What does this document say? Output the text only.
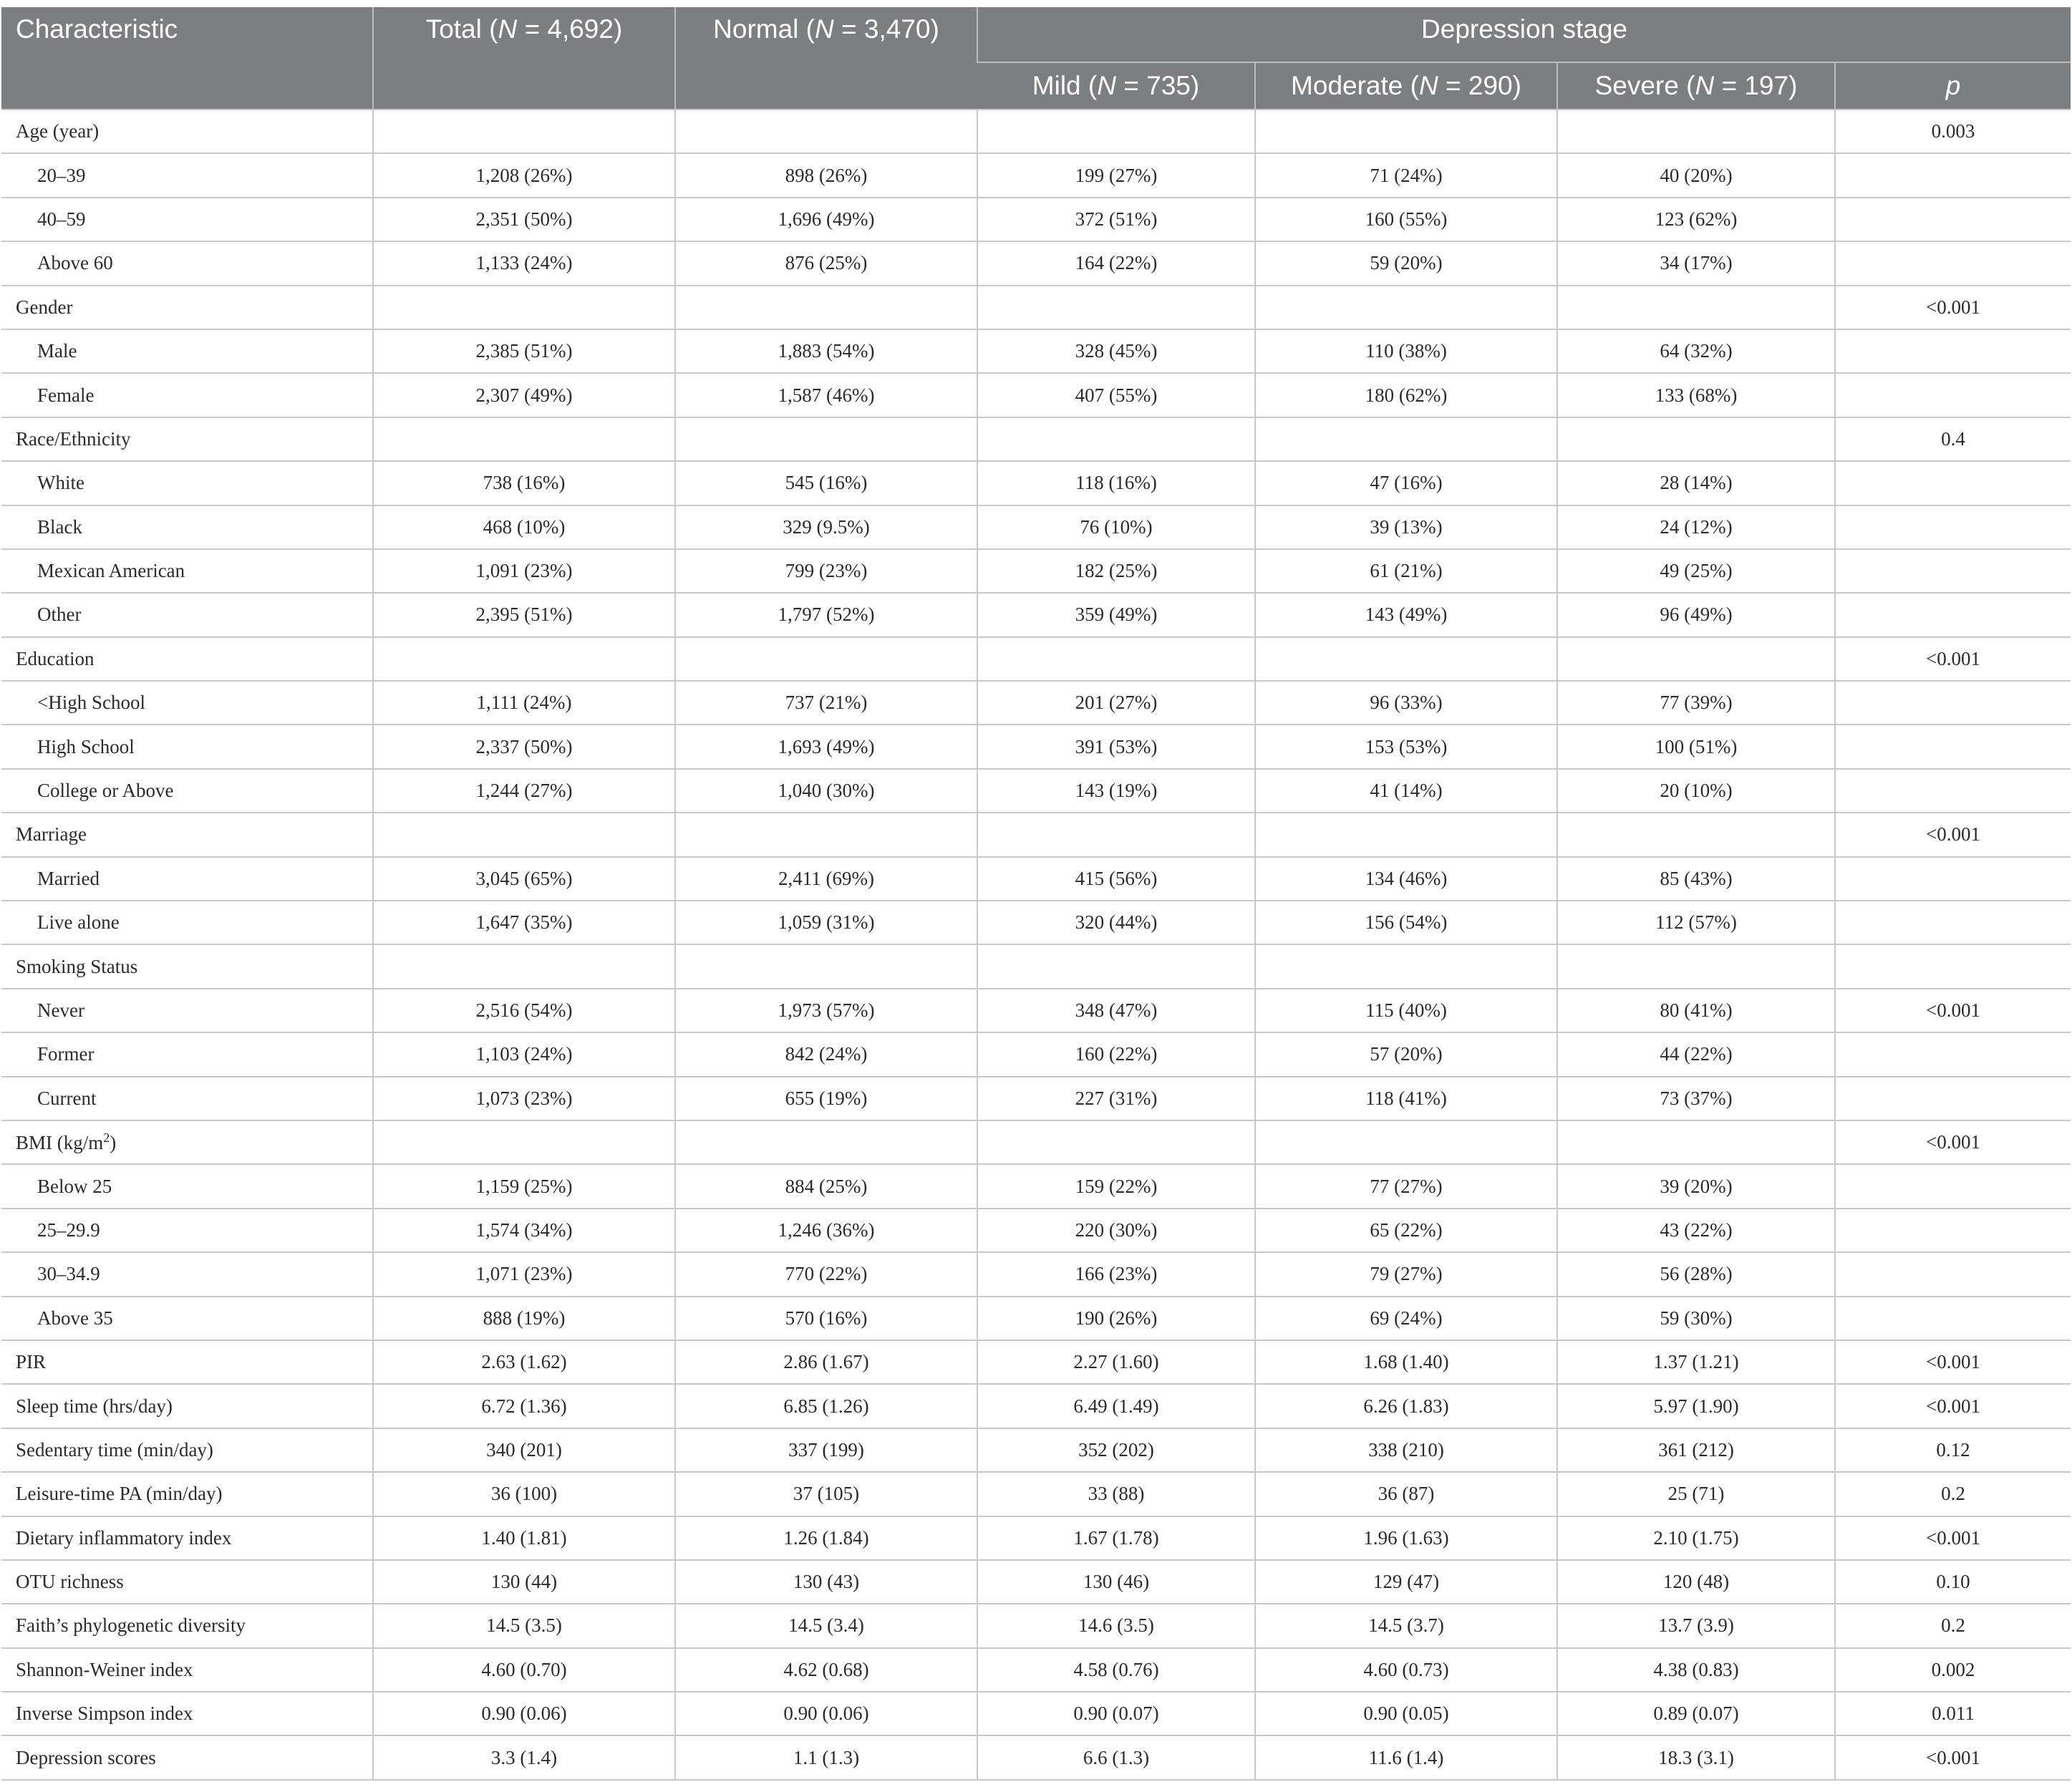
Characteristic	Total (N = 4,692)	Normal (N = 3,470)	Depression stage			
			Mild (N = 735)	Moderate (N = 290)	Severe (N = 197)	p
Age (year)						0.003
20–39	1,208 (26%)	898 (26%)	199 (27%)	71 (24%)	40 (20%)	
40–59	2,351 (50%)	1,696 (49%)	372 (51%)	160 (55%)	123 (62%)	
Above 60	1,133 (24%)	876 (25%)	164 (22%)	59 (20%)	34 (17%)	
Gender						<0.001
Male	2,385 (51%)	1,883 (54%)	328 (45%)	110 (38%)	64 (32%)	
Female	2,307 (49%)	1,587 (46%)	407 (55%)	180 (62%)	133 (68%)	
Race/Ethnicity						0.4
White	738 (16%)	545 (16%)	118 (16%)	47 (16%)	28 (14%)	
Black	468 (10%)	329 (9.5%)	76 (10%)	39 (13%)	24 (12%)	
Mexican American	1,091 (23%)	799 (23%)	182 (25%)	61 (21%)	49 (25%)	
Other	2,395 (51%)	1,797 (52%)	359 (49%)	143 (49%)	96 (49%)	
Education						<0.001
<High School	1,111 (24%)	737 (21%)	201 (27%)	96 (33%)	77 (39%)	
High School	2,337 (50%)	1,693 (49%)	391 (53%)	153 (53%)	100 (51%)	
College or Above	1,244 (27%)	1,040 (30%)	143 (19%)	41 (14%)	20 (10%)	
Marriage						<0.001
Married	3,045 (65%)	2,411 (69%)	415 (56%)	134 (46%)	85 (43%)	
Live alone	1,647 (35%)	1,059 (31%)	320 (44%)	156 (54%)	112 (57%)	
Smoking Status						
Never	2,516 (54%)	1,973 (57%)	348 (47%)	115 (40%)	80 (41%)	<0.001
Former	1,103 (24%)	842 (24%)	160 (22%)	57 (20%)	44 (22%)	
Current	1,073 (23%)	655 (19%)	227 (31%)	118 (41%)	73 (37%)	
BMI $(kg/m^2)$						<0.001
Below 25	1,159 (25%)	884 (25%)	159 (22%)	77 (27%)	39 (20%)	
25–29.9	1,574 (34%)	1,246 (36%)	220 (30%)	65 (22%)	43 (22%)	
30–34.9	1,071 (23%)	770 (22%)	166 (23%)	79 (27%)	56 (28%)	
Above 35	888 (19%)	570 (16%)	190 (26%)	69 (24%)	59 (30%)	
PIR	2.63 (1.62)	2.86 (1.67)	2.27 (1.60)	1.68 (1.40)	1.37 (1.21)	<0.001
Sleep time (hrs/day)	6.72 (1.36)	6.85 (1.26)	6.49 (1.49)	6.26 (1.83)	5.97 (1.90)	<0.001
Sedentary time (min/day)	340 (201)	337 (199)	352 (202)	338 (210)	361 (212)	0.12
Leisure-time PA (min/day)	36 (100)	37 (105)	33 (88)	36 (87)	25 (71)	0.2
Dietary inflammatory index	1.40 (1.81)	1.26 (1.84)	1.67 (1.78)	1.96 (1.63)	2.10 (1.75)	<0.001
OTU richness	130 (44)	130 (43)	130 (46)	129 (47)	120 (48)	0.10
Faith’s phylogenetic diversity	14.5 (3.5)	14.5 (3.4)	14.6 (3.5)	14.5 (3.7)	13.7 (3.9)	0.2
Shannon-Weiner index	4.60 (0.70)	4.62 (0.68)	4.58 (0.76)	4.60 (0.73)	4.38 (0.83)	0.002
Inverse Simpson index	0.90 (0.06)	0.90 (0.06)	0.90 (0.07)	0.90 (0.05)	0.89 (0.07)	0.011
Depression scores	3.3 (1.4)	1.1 (1.3)	6.6 (1.3)	11.6 (1.4)	18.3 (3.1)	<0.001
